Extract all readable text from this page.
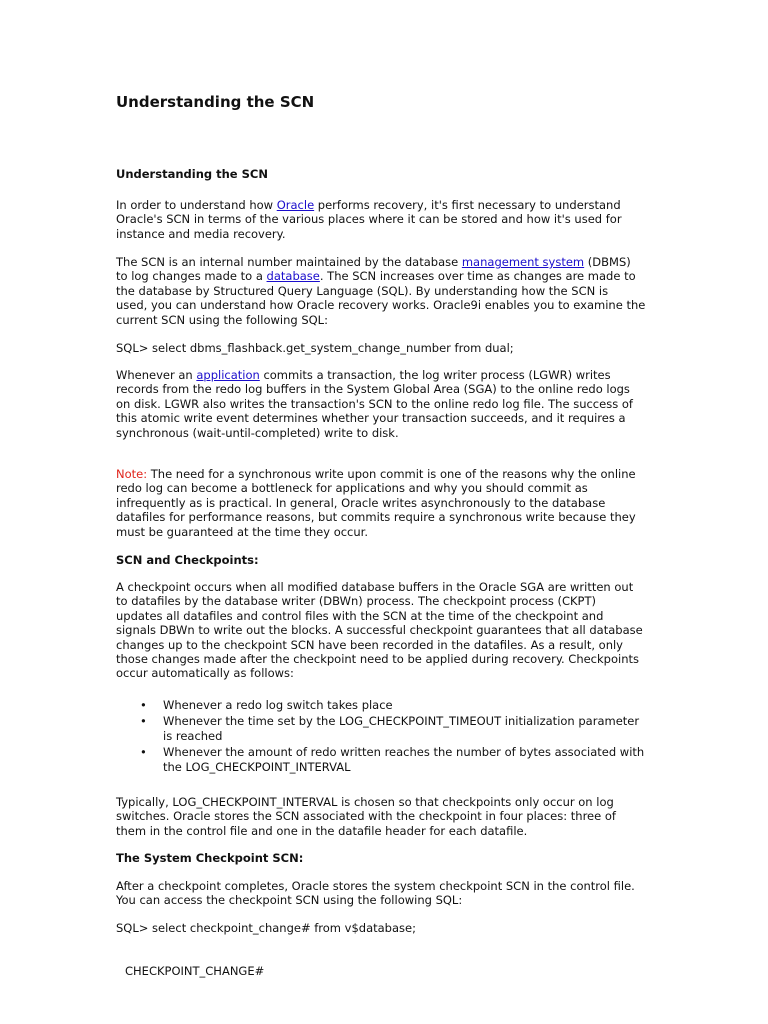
Understanding the SCN
Understanding the SCN

In order to understand how Oracle performs recovery, it's first necessary to understand
Oracle's SCN in terms of the various places where it can be stored and how it's used for
instance and media recovery.

The SCN is an internal number maintained by the database management system (DBMS)
to log changes made to a database. The SCN increases over time as changes are made to
the database by Structured Query Language (SQL). By understanding how the SCN is
used, you can understand how Oracle recovery works. Oracle9i enables you to examine the
current SCN using the following SQL:

SQL> select dbms_flashback.get_system_change_number from dual;

Whenever an application commits a transaction, the log writer process (LGWR) writes
records from the redo log buffers in the System Global Area (SGA) to the online redo logs
on disk. LGWR also writes the transaction's SCN to the online redo log file. The success of
this atomic write event determines whether your transaction succeeds, and it requires a
synchronous (wait-until-completed) write to disk.

Note: The need for a synchronous write upon commit is one of the reasons why the online
redo log can become a bottleneck for applications and why you should commit as
infrequently as is practical. In general, Oracle writes asynchronously to the database
datafiles for performance reasons, but commits require a synchronous write because they
must be guaranteed at the time they occur.

SCN and Checkpoints:

A checkpoint occurs when all modified database buffers in the Oracle SGA are written out
to datafiles by the database writer (DBWn) process. The checkpoint process (CKPT)
updates all datafiles and control files with the SCN at the time of the checkpoint and
signals DBWn to write out the blocks. A successful checkpoint guarantees that all database
changes up to the checkpoint SCN have been recorded in the datafiles. As a result, only
those changes made after the checkpoint need to be applied during recovery. Checkpoints
occur automatically as follows:

• Whenever a redo log switch takes place
• Whenever the time set by the LOG_CHECKPOINT_TIMEOUT initialization parameter
is reached
• Whenever the amount of redo written reaches the number of bytes associated with
the LOG_CHECKPOINT_INTERVAL

Typically, LOG_CHECKPOINT_INTERVAL is chosen so that checkpoints only occur on log
switches. Oracle stores the SCN associated with the checkpoint in four places: three of
them in the control file and one in the datafile header for each datafile.

The System Checkpoint SCN:

After a checkpoint completes, Oracle stores the system checkpoint SCN in the control file.
You can access the checkpoint SCN using the following SQL:

SQL> select checkpoint_change# from v$database;

CHECKPOINT_CHANGE#
